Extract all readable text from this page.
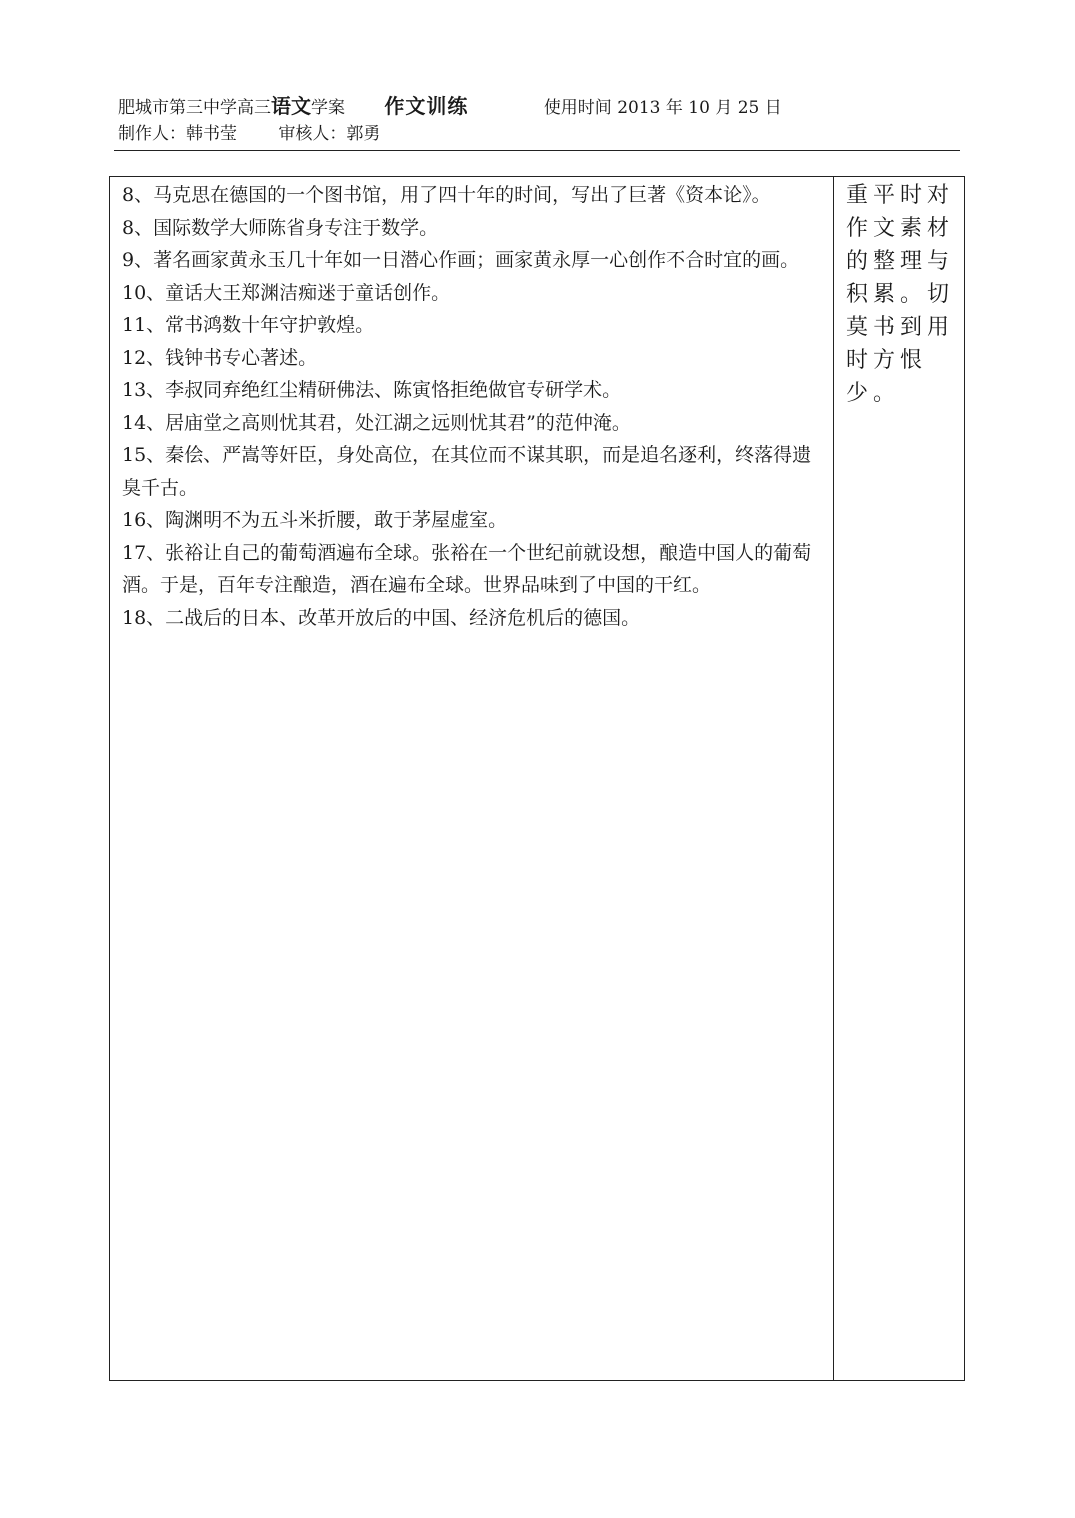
肥城市第三中学高三语文学案 作文训练	使用时间 2013 年 10 月 25 日
制作人：韩书莹 审核人：郭勇

8、马克思在德国的一个图书馆，用了四十年的时间，写出了巨著《资本论》。

8、国际数学大师陈省身专注于数学。

9、著名画家黄永玉几十年如一日潜心作画；画家黄永厚一心创作不合时宜的画。

10、童话大王郑渊洁痴迷于童话创作。

11、常书鸿数十年守护敦煌。

12、钱钟书专心著述。

13、李叔同弃绝红尘精研佛法、陈寅恪拒绝做官专研学术。

14、居庙堂之高则忧其君，处江湖之远则忧其君”的范仲淹。

15、秦侩、严嵩等奸臣，身处高位，在其位而不谋其职，而是追名逐利，终落得遗臭千古。

16、陶渊明不为五斗米折腰，敢于茅屋虚室。

17、张裕让自己的葡萄酒遍布全球。张裕在一个世纪前就设想，酿造中国人的葡萄酒。于是，百年专注酿造，酒在遍布全球。世界品味到了中国的干红。

18、二战后的日本、改革开放后的中国、经济危机后的德国。

重平时对作文素材的整理与积累。切莫书到用时方恨少。
